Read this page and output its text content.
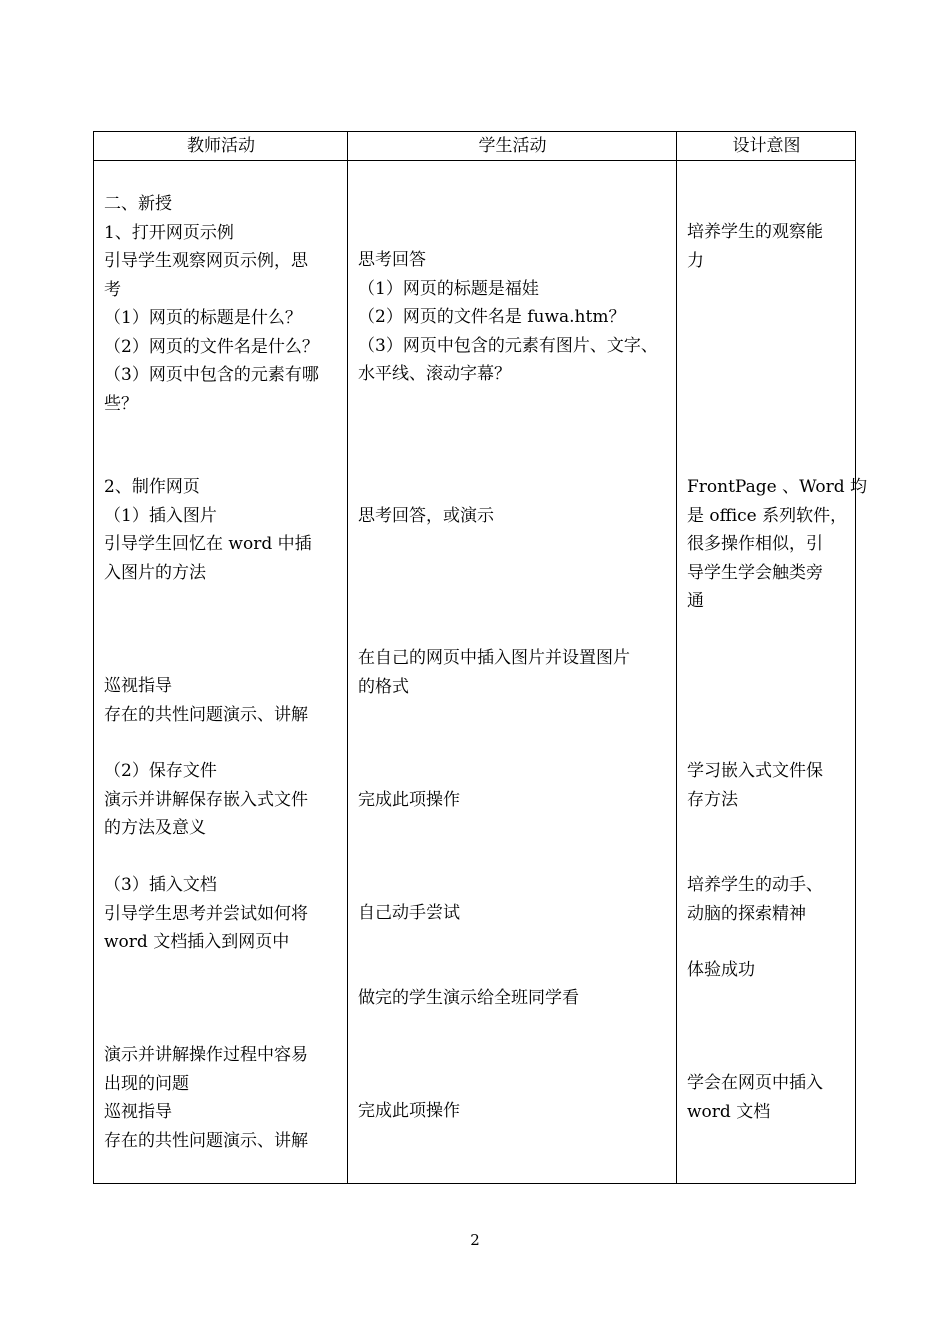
教师活动	学生活动	设计意图
二、新授
1、打开网页示例
引导学生观察网页示例，思
考
（1）网页的标题是什么？
（2）网页的文件名是什么？
（3）网页中包含的元素有哪
些？
2、制作网页
（1）插入图片
引导学生回忆在 word 中插
入图片的方法
巡视指导
存在的共性问题演示、讲解
（2）保存文件
演示并讲解保存嵌入式文件
的方法及意义
（3）插入文档
引导学生思考并尝试如何将
word 文档插入到网页中
演示并讲解操作过程中容易
出现的问题
巡视指导
存在的共性问题演示、讲解
思考回答
（1）网页的标题是福娃
（2）网页的文件名是 fuwa.htm？
（3）网页中包含的元素有图片、文字、
水平线、滚动字幕？
思考回答，或演示
在自己的网页中插入图片并设置图片
的格式
完成此项操作
自己动手尝试
做完的学生演示给全班同学看
完成此项操作
培养学生的观察能
力
FrontPage 、Word 均
是 office 系列软件，
很多操作相似，引
导学生学会触类旁
通
学习嵌入式文件保
存方法
培养学生的动手、
动脑的探索精神
体验成功
学会在网页中插入
word 文档
2
